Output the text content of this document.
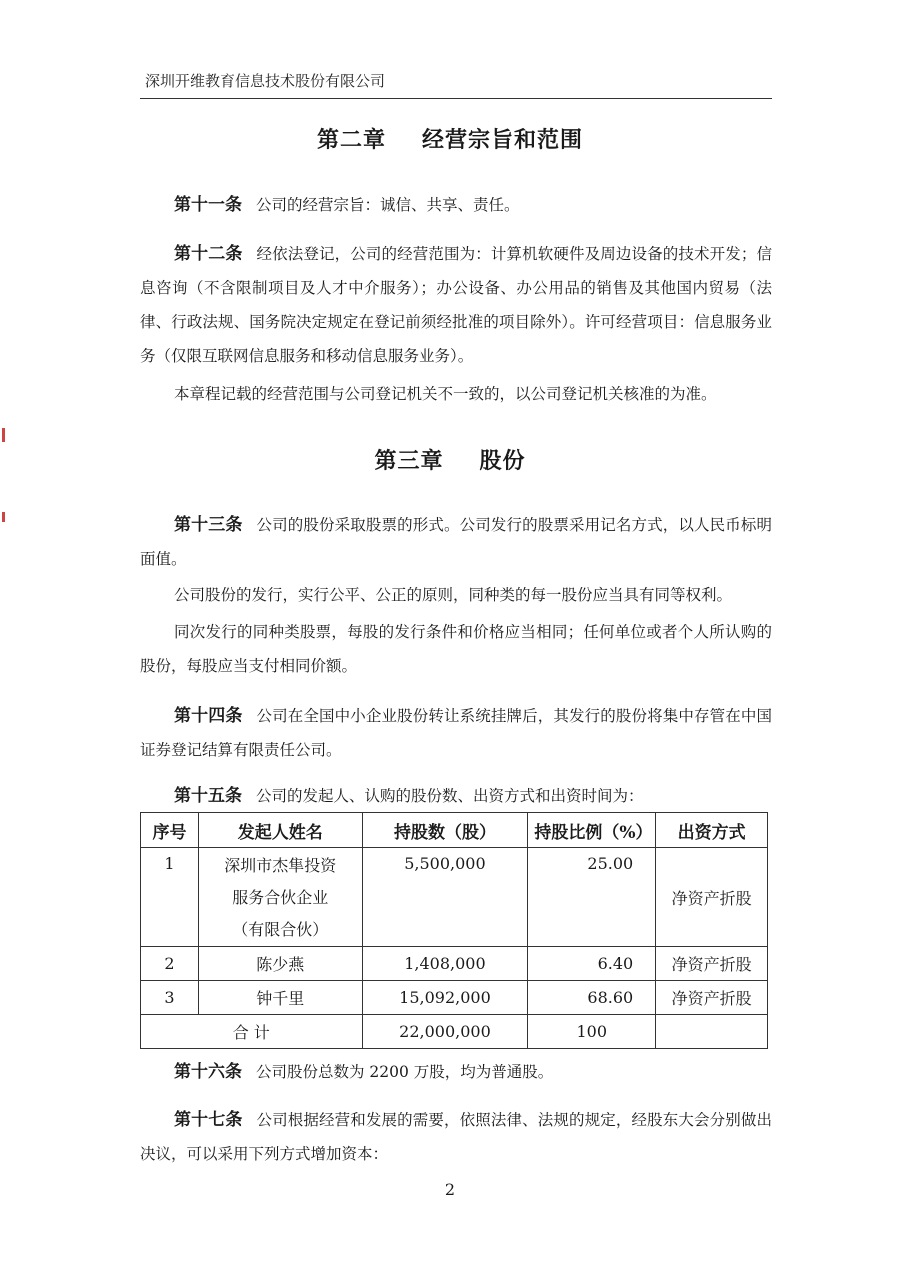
深圳开维教育信息技术股份有限公司
第二章 经营宗旨和范围
第十一条 公司的经营宗旨：诚信、共享、责任。
第十二条 经依法登记，公司的经营范围为：计算机软硬件及周边设备的技术开发；信息咨询（不含限制项目及人才中介服务）；办公设备、办公用品的销售及其他国内贸易（法律、行政法规、国务院决定规定在登记前须经批准的项目除外）。许可经营项目：信息服务业务（仅限互联网信息服务和移动信息服务业务）。
本章程记载的经营范围与公司登记机关不一致的，以公司登记机关核准的为准。
第三章 股份
第十三条 公司的股份采取股票的形式。公司发行的股票采用记名方式，以人民币标明面值。
公司股份的发行，实行公平、公正的原则，同种类的每一股份应当具有同等权利。
同次发行的同种类股票，每股的发行条件和价格应当相同；任何单位或者个人所认购的股份，每股应当支付相同价额。
第十四条 公司在全国中小企业股份转让系统挂牌后，其发行的股份将集中存管在中国证券登记结算有限责任公司。
第十五条 公司的发起人、认购的股份数、出资方式和出资时间为：
序号	发起人姓名	持股数（股）	持股比例（%）	出资方式
1	深圳市杰隼投资
服务合伙企业
（有限合伙）	5,500,000	25.00	净资产折股
2	陈少燕	1,408,000	6.40	净资产折股
3	钟千里	15,092,000	68.60	净资产折股
合 计		22,000,000	100	
第十六条 公司股份总数为 2200 万股，均为普通股。
第十七条 公司根据经营和发展的需要，依照法律、法规的规定，经股东大会分别做出决议，可以采用下列方式增加资本：
2
